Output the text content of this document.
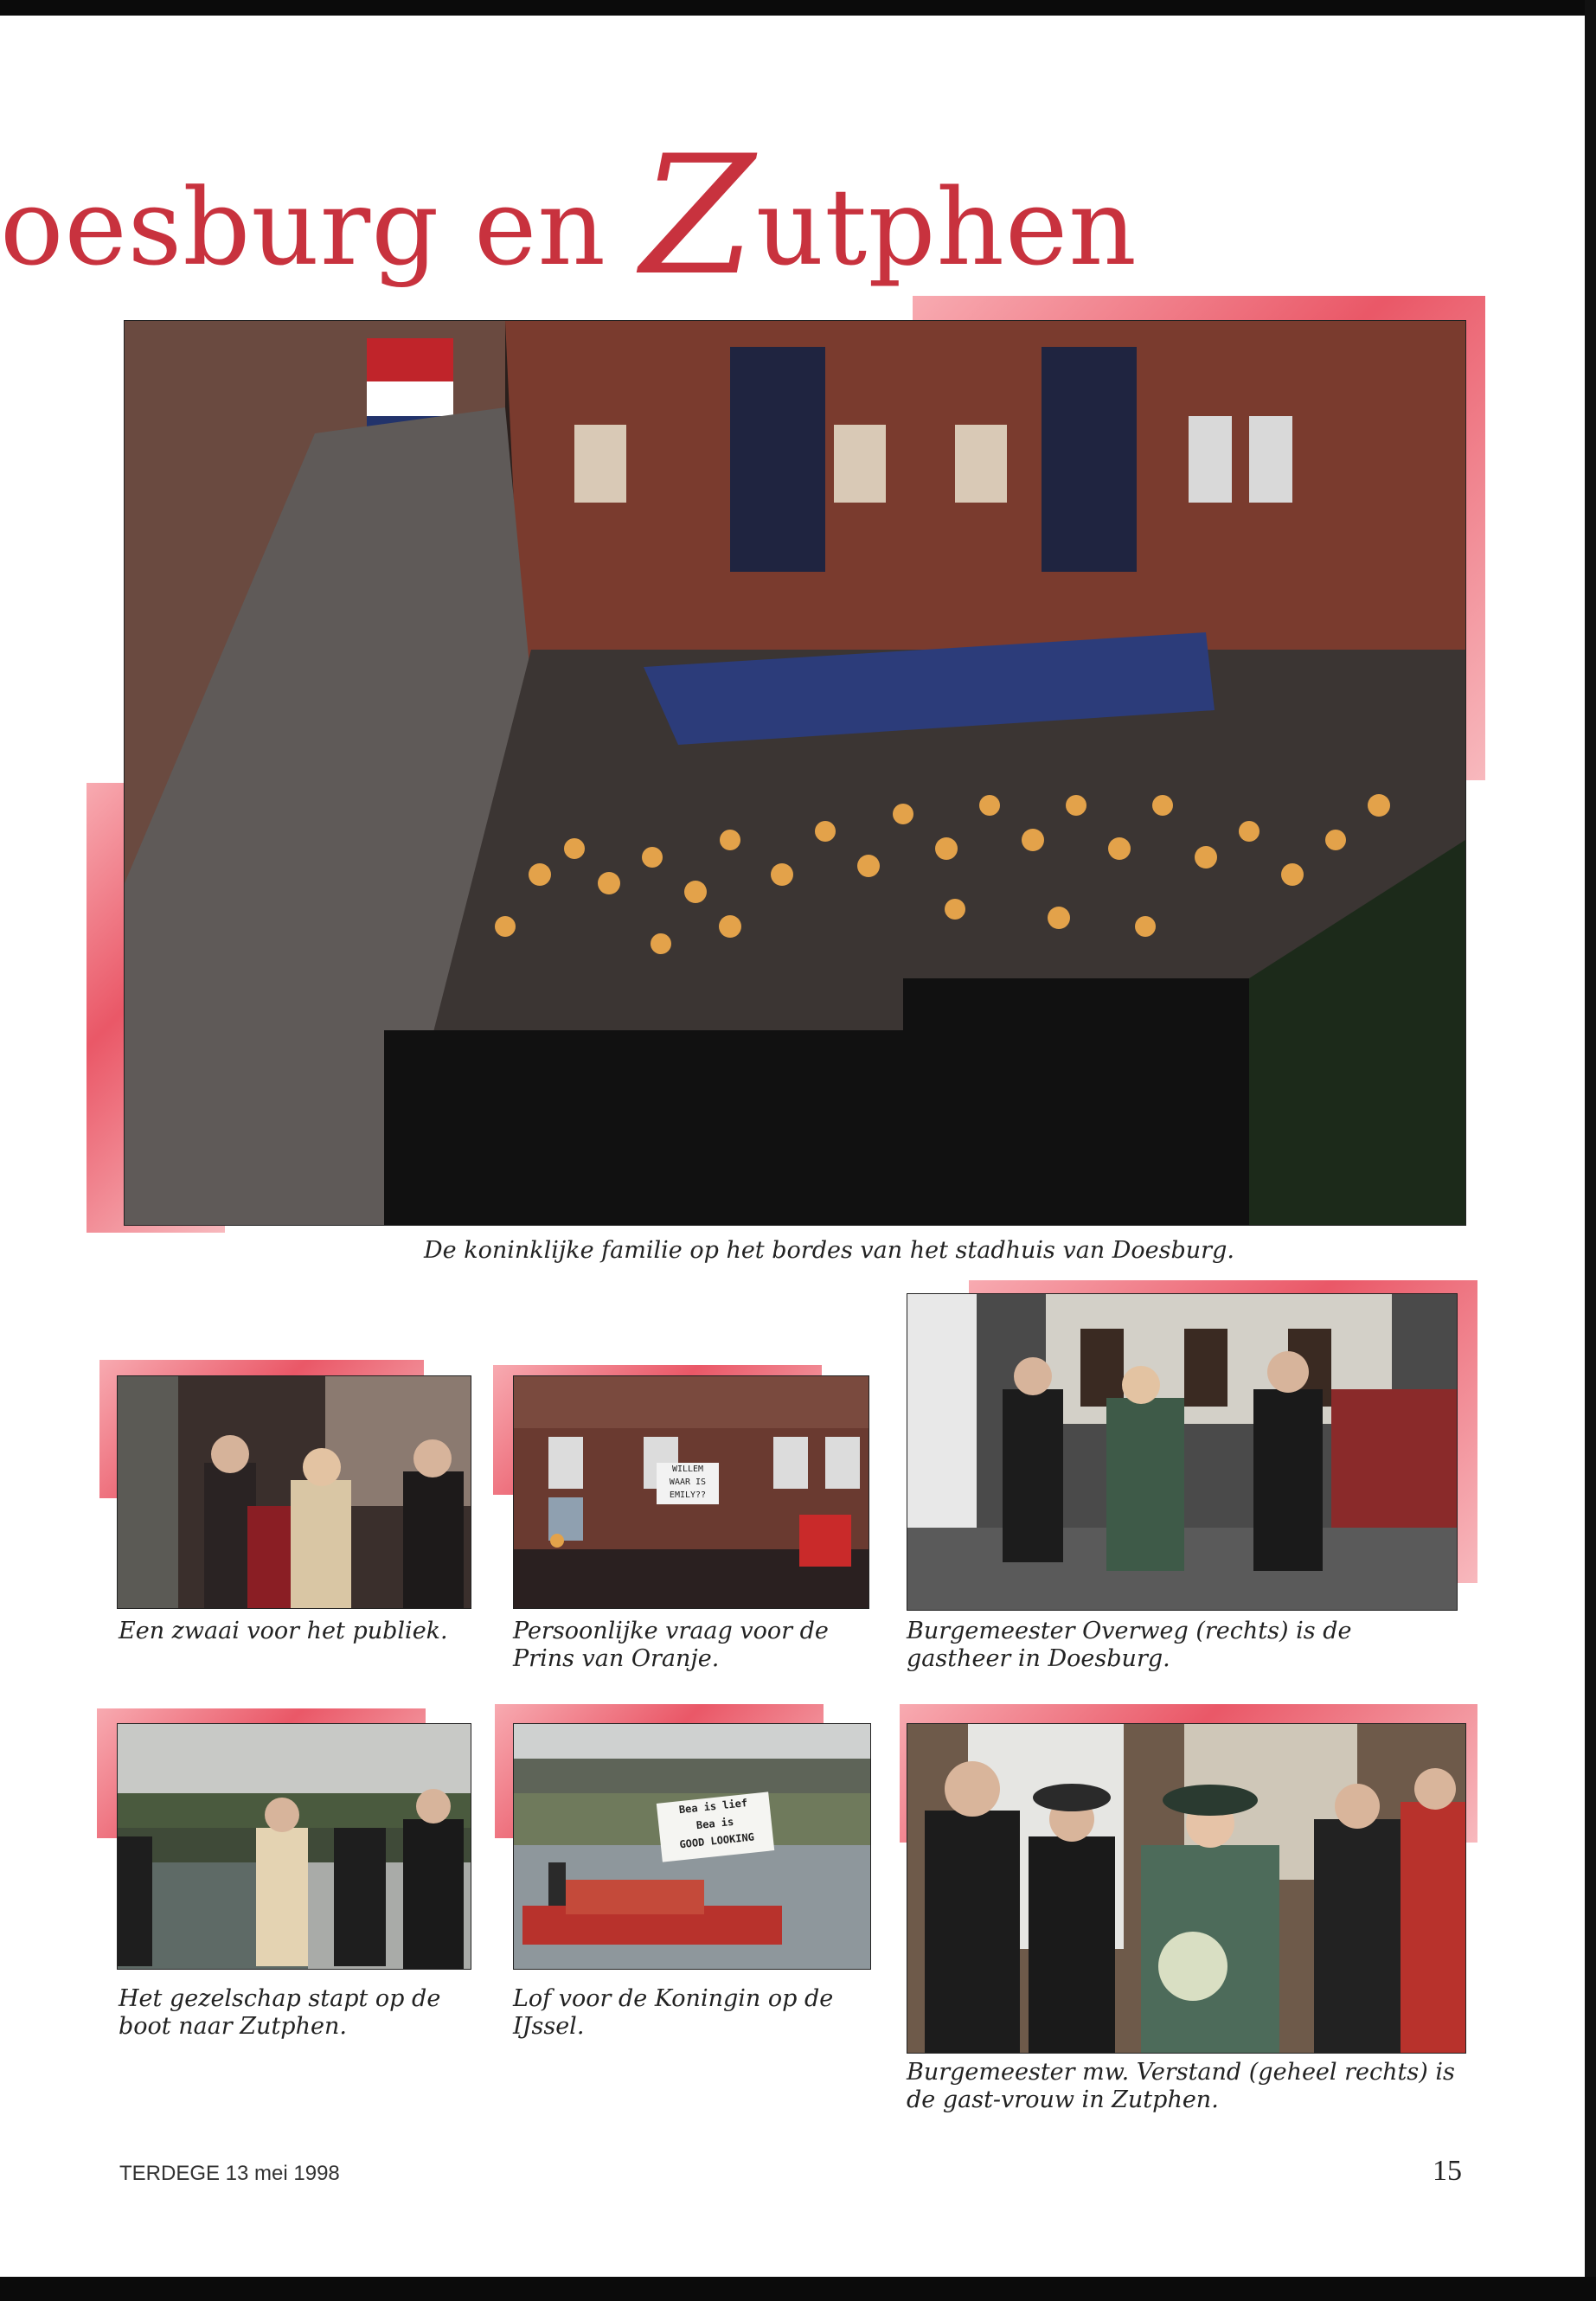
oesburg en Zutphen
De koninklijke familie op het bordes van het stadhuis van Doesburg.
Een zwaai voor het publiek.
WILLEM
WAAR IS
EMILY??
Persoonlijke vraag voor de Prins van Oranje.
Burgemeester Overweg (rechts) is de gastheer in Doesburg.
Het gezelschap stapt op de boot naar Zutphen.
Bea is lief
Bea is
GOOD LOOKING
Lof voor de Koningin op de IJssel.
Burgemeester mw. Verstand (geheel rechts) is de gast-vrouw in Zutphen.
TERDEGE 13 mei 1998	15
